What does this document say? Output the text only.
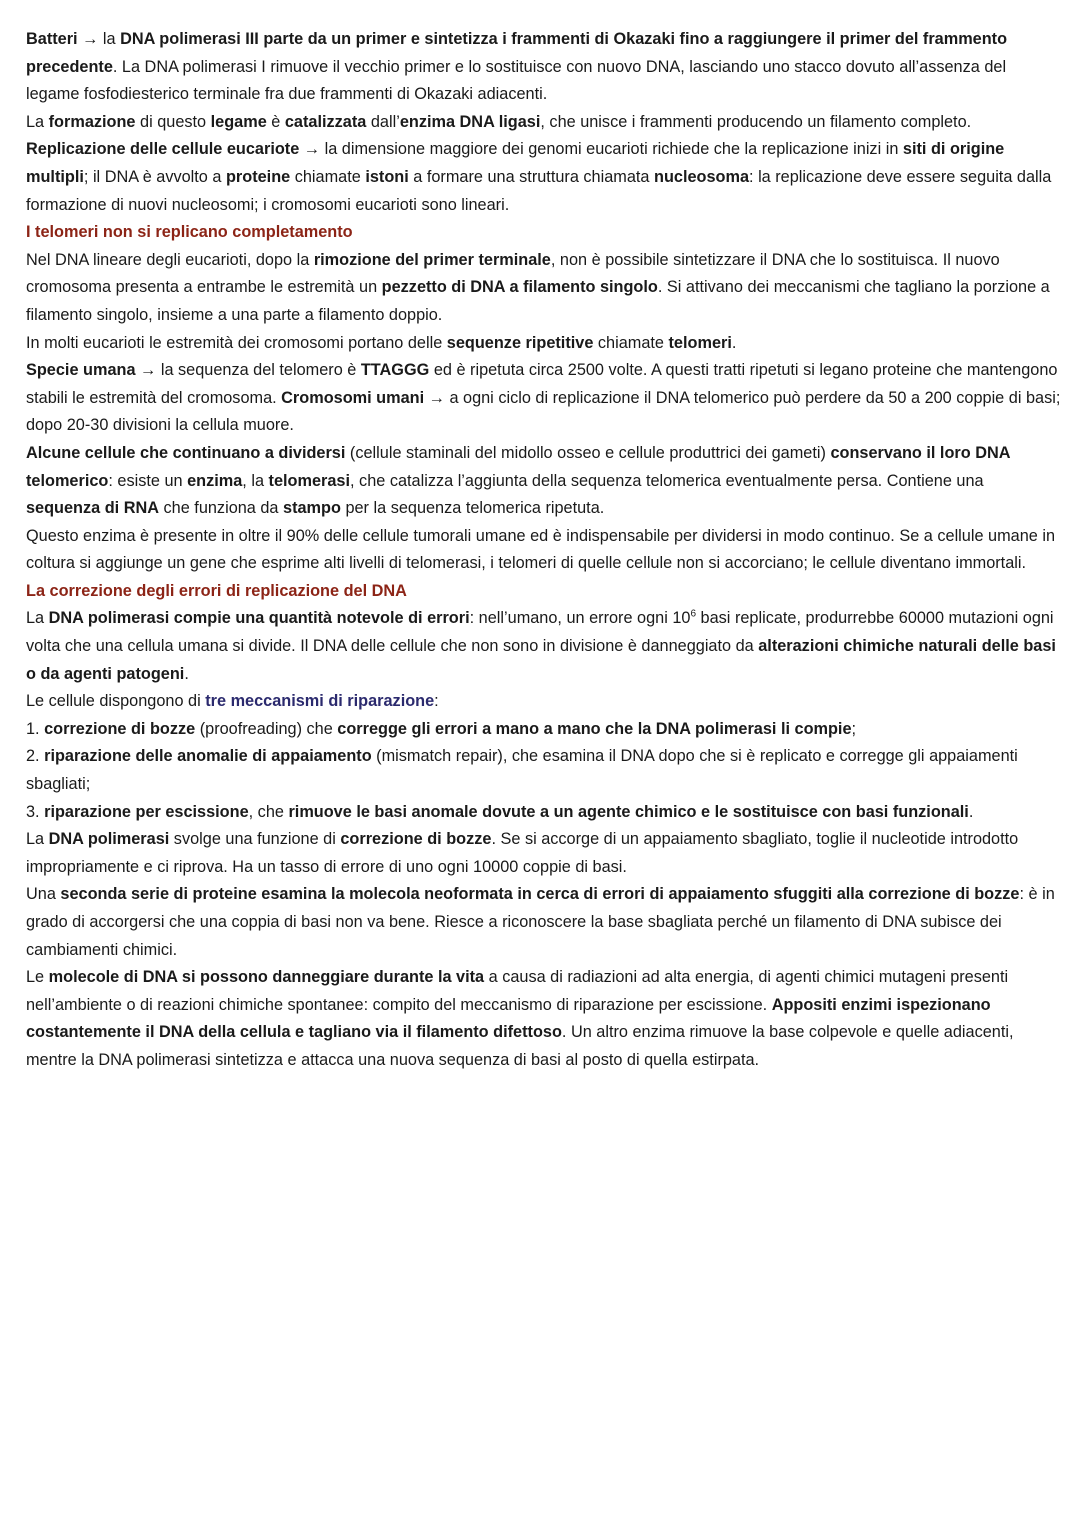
Batteri → la DNA polimerasi III parte da un primer e sintetizza i frammenti di Okazaki fino a raggiungere il primer del frammento precedente. La DNA polimerasi I rimuove il vecchio primer e lo sostituisce con nuovo DNA, lasciando uno stacco dovuto all’assenza del legame fosfodiesterico terminale fra due frammenti di Okazaki adiacenti.

La formazione di questo legame è catalizzata dall’enzima DNA ligasi, che unisce i frammenti producendo un filamento completo.

Replicazione delle cellule eucariote → la dimensione maggiore dei genomi eucarioti richiede che la replicazione inizi in siti di origine multipli; il DNA è avvolto a proteine chiamate istoni a formare una struttura chiamata nucleosoma: la replicazione deve essere seguita dalla formazione di nuovi nucleosomi; i cromosomi eucarioti sono lineari.

I telomeri non si replicano completamento

Nel DNA lineare degli eucarioti, dopo la rimozione del primer terminale, non è possibile sintetizzare il DNA che lo sostituisca. Il nuovo cromosoma presenta a entrambe le estremità un pezzetto di DNA a filamento singolo. Si attivano dei meccanismi che tagliano la porzione a filamento singolo, insieme a una parte a filamento doppio.

In molti eucarioti le estremità dei cromosomi portano delle sequenze ripetitive chiamate telomeri.

Specie umana → la sequenza del telomero è TTAGGG ed è ripetuta circa 2500 volte. A questi tratti ripetuti si legano proteine che mantengono stabili le estremità del cromosoma. Cromosomi umani → a ogni ciclo di replicazione il DNA telomerico può perdere da 50 a 200 coppie di basi; dopo 20-30 divisioni la cellula muore.

Alcune cellule che continuano a dividersi (cellule staminali del midollo osseo e cellule produttrici dei gameti) conservano il loro DNA telomerico: esiste un enzima, la telomerasi, che catalizza l’aggiunta della sequenza telomerica eventualmente persa. Contiene una sequenza di RNA che funziona da stampo per la sequenza telomerica ripetuta.

Questo enzima è presente in oltre il 90% delle cellule tumorali umane ed è indispensabile per dividersi in modo continuo. Se a cellule umane in coltura si aggiunge un gene che esprime alti livelli di telomerasi, i telomeri di quelle cellule non si accorciano; le cellule diventano immortali.

La correzione degli errori di replicazione del DNA

La DNA polimerasi compie una quantità notevole di errori: nell’umano, un errore ogni $10^6$ basi replicate, produrrebbe 60000 mutazioni ogni volta che una cellula umana si divide. Il DNA delle cellule che non sono in divisione è danneggiato da alterazioni chimiche naturali delle basi o da agenti patogeni.

Le cellule dispongono di tre meccanismi di riparazione:

1. correzione di bozze (proofreading) che corregge gli errori a mano a mano che la DNA polimerasi li compie;

2. riparazione delle anomalie di appaiamento (mismatch repair), che esamina il DNA dopo che si è replicato e corregge gli appaiamenti sbagliati;

3. riparazione per escissione, che rimuove le basi anomale dovute a un agente chimico e le sostituisce con basi funzionali.

La DNA polimerasi svolge una funzione di correzione di bozze. Se si accorge di un appaiamento sbagliato, toglie il nucleotide introdotto impropriamente e ci riprova. Ha un tasso di errore di uno ogni 10000 coppie di basi.

Una seconda serie di proteine esamina la molecola neoformata in cerca di errori di appaiamento sfuggiti alla correzione di bozze: è in grado di accorgersi che una coppia di basi non va bene. Riesce a riconoscere la base sbagliata perché un filamento di DNA subisce dei cambiamenti chimici.

Le molecole di DNA si possono danneggiare durante la vita a causa di radiazioni ad alta energia, di agenti chimici mutageni presenti nell’ambiente o di reazioni chimiche spontanee: compito del meccanismo di riparazione per escissione. Appositi enzimi ispezionano costantemente il DNA della cellula e tagliano via il filamento difettoso. Un altro enzima rimuove la base colpevole e quelle adiacenti, mentre la DNA polimerasi sintetizza e attacca una nuova sequenza di basi al posto di quella estirpata.
